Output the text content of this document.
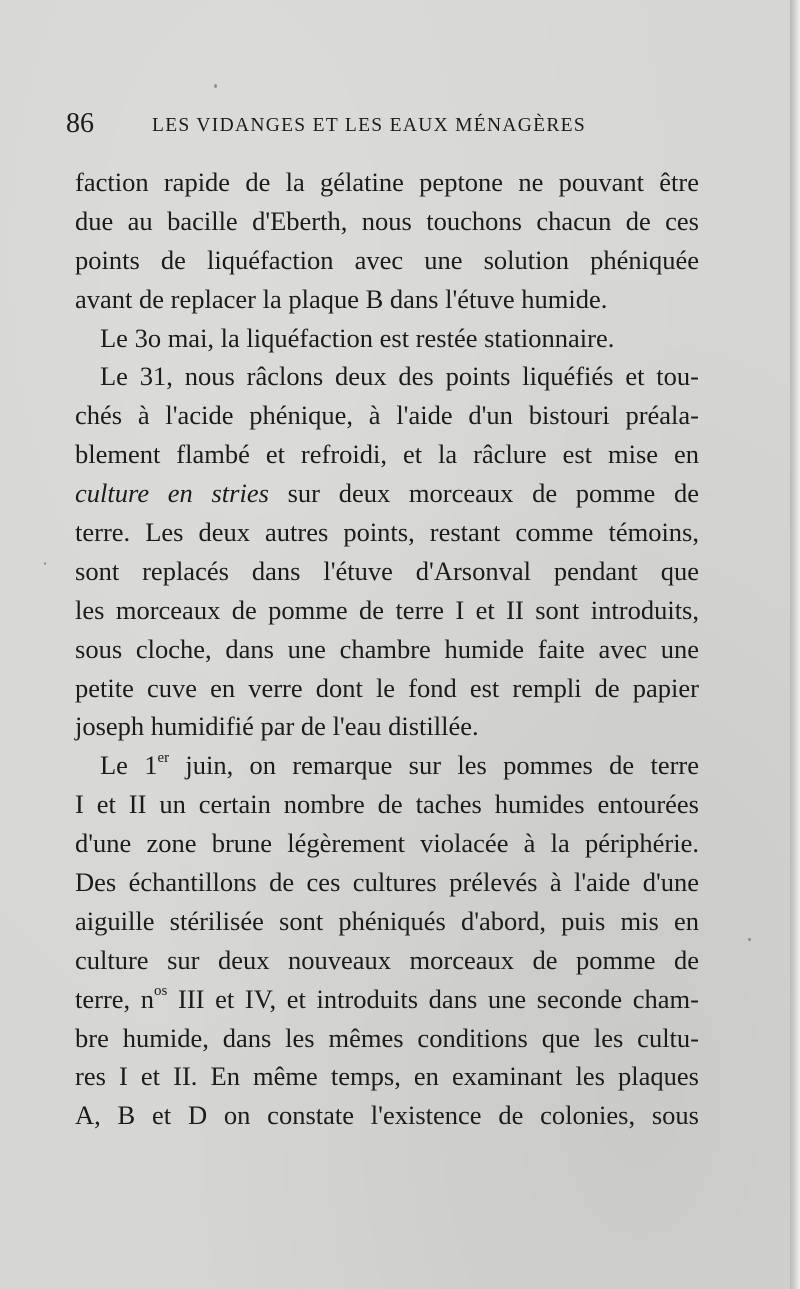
86	LES VIDANGES ET LES EAUX MÉNAGÈRES
faction rapide de la gélatine peptone ne pouvant être
due au bacille d'Eberth, nous touchons chacun de ces
points de liquéfaction avec une solution phéniquée
avant de replacer la plaque B dans l'étuve humide.
Le 3o mai, la liquéfaction est restée stationnaire.
Le 31, nous râclons deux des points liquéfiés et tou-
chés à l'acide phénique, à l'aide d'un bistouri préala-
blement flambé et refroidi, et la râclure est mise en
culture en stries sur deux morceaux de pomme de
terre. Les deux autres points, restant comme témoins,
sont replacés dans l'étuve d'Arsonval pendant que
les morceaux de pomme de terre I et II sont introduits,
sous cloche, dans une chambre humide faite avec une
petite cuve en verre dont le fond est rempli de papier
joseph humidifié par de l'eau distillée.
Le 1er juin, on remarque sur les pommes de terre
I et II un certain nombre de taches humides entourées
d'une zone brune légèrement violacée à la périphérie.
Des échantillons de ces cultures prélevés à l'aide d'une
aiguille stérilisée sont phéniqués d'abord, puis mis en
culture sur deux nouveaux morceaux de pomme de
terre, $n^{os}$ III et IV, et introduits dans une seconde cham-
bre humide, dans les mêmes conditions que les cultu-
res I et II. En même temps, en examinant les plaques
A, B et D on constate l'existence de colonies, sous
